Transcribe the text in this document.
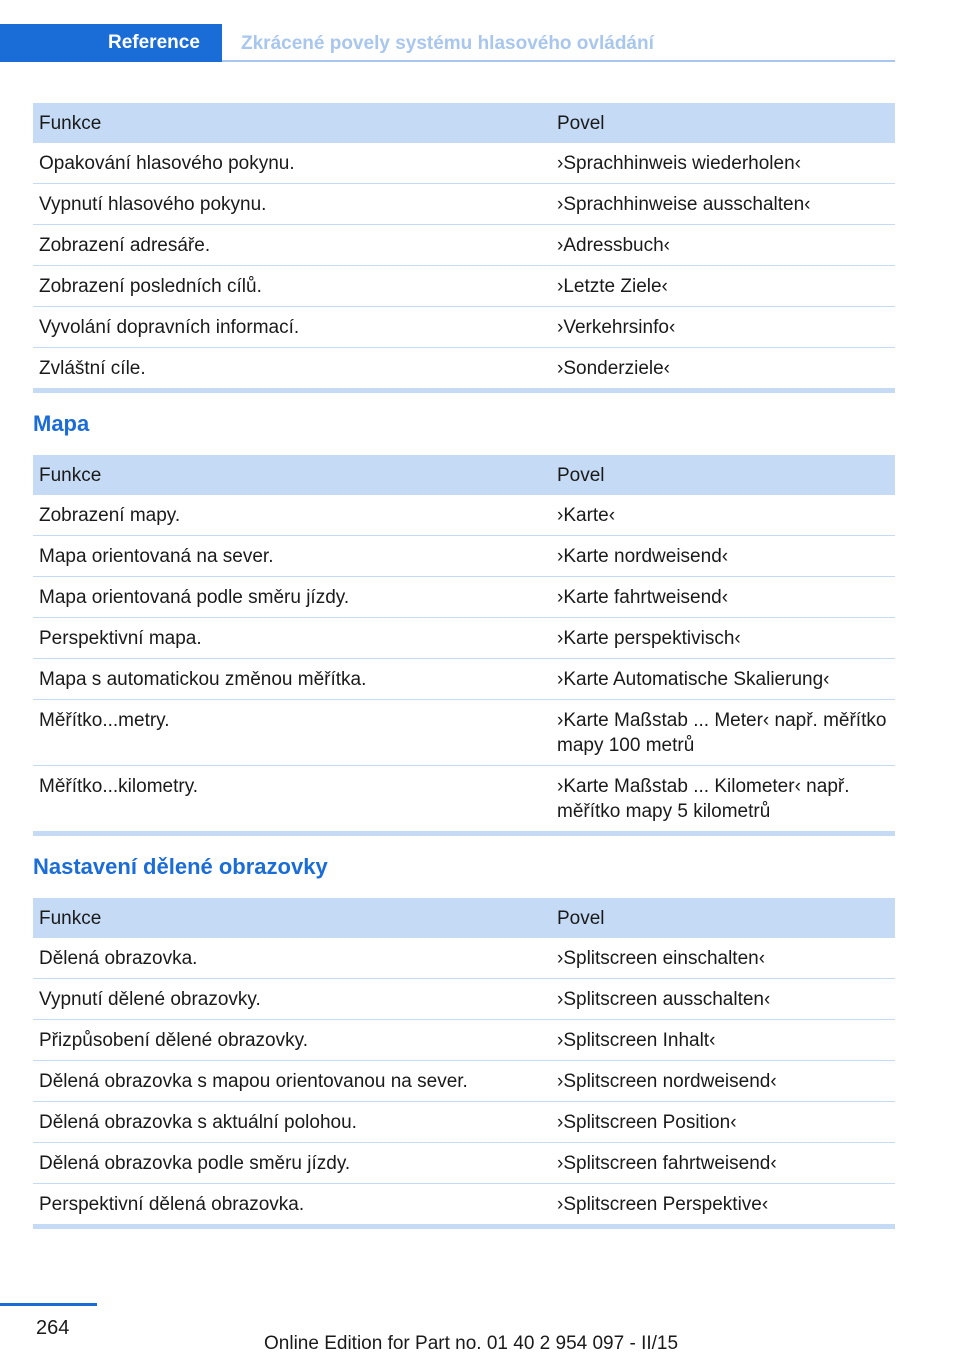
Reference Zkrácené povely systému hlasového ovládání
Funkce	Povel
Opakování hlasového pokynu.	›Sprachhinweis wiederholen‹
Vypnutí hlasového pokynu.	›Sprachhinweise ausschalten‹
Zobrazení adresáře.	›Adressbuch‹
Zobrazení posledních cílů.	›Letzte Ziele‹
Vyvolání dopravních informací.	›Verkehrsinfo‹
Zvláštní cíle.	›Sonderziele‹
Mapa
Funkce	Povel
Zobrazení mapy.	›Karte‹
Mapa orientovaná na sever.	›Karte nordweisend‹
Mapa orientovaná podle směru jízdy.	›Karte fahrtweisend‹
Perspektivní mapa.	›Karte perspektivisch‹
Mapa s automatickou změnou měřítka.	›Karte Automatische Skalierung‹
Měřítko...metry.	›Karte Maßstab ... Meter‹ např. měřítko mapy 100 metrů
Měřítko...kilometry.	›Karte Maßstab ... Kilometer‹ např. měřítko mapy 5 kilometrů
Nastavení dělené obrazovky
Funkce	Povel
Dělená obrazovka.	›Splitscreen einschalten‹
Vypnutí dělené obrazovky.	›Splitscreen ausschalten‹
Přizpůsobení dělené obrazovky.	›Splitscreen Inhalt‹
Dělená obrazovka s mapou orientovanou na sever.	›Splitscreen nordweisend‹
Dělená obrazovka s aktuální polohou.	›Splitscreen Position‹
Dělená obrazovka podle směru jízdy.	›Splitscreen fahrtweisend‹
Perspektivní dělená obrazovka.	›Splitscreen Perspektive‹
264
Online Edition for Part no. 01 40 2 954 097 - II/15
